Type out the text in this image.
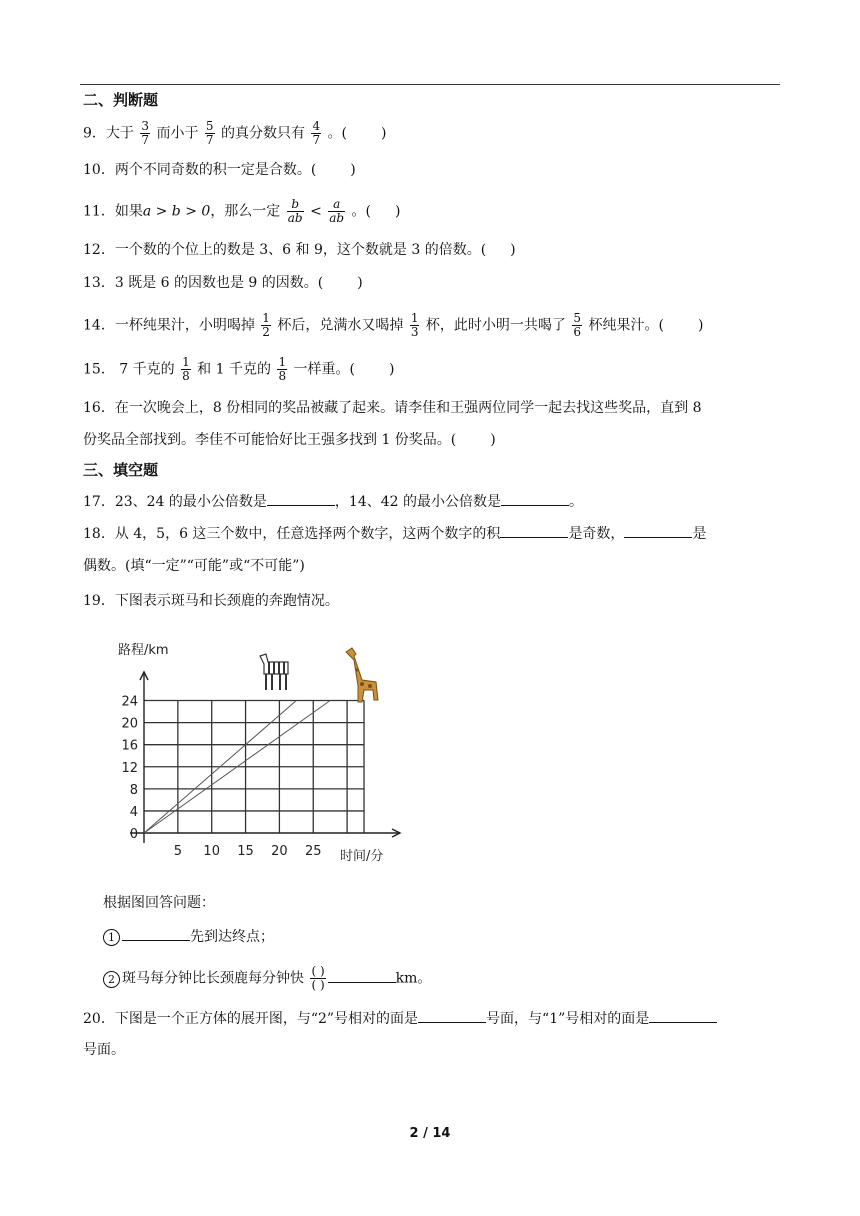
二、判断题
9．大于 $\frac{3}{7}$ 而小于 $\frac{5}{7}$ 的真分数只有 $\frac{4}{7}$ 。( )
10．两个不同奇数的积一定是合数。( )
11．如果a > b > 0，那么一定 $\frac{b}{ab} < \frac{a}{ab}$ 。( )
12．一个数的个位上的数是 3、6 和 9，这个数就是 3 的倍数。( )
13．3 既是 6 的因数也是 9 的因数。( )
14．一杯纯果汁，小明喝掉 $\frac{1}{2}$ 杯后，兑满水又喝掉 $\frac{1}{3}$ 杯，此时小明一共喝了 $\frac{5}{6}$ 杯纯果汁。( )
15． 7 千克的 $\frac{1}{8}$ 和 1 千克的 $\frac{1}{8}$ 一样重。( )
16．在一次晚会上，8 份相同的奖品被藏了起来。请李佳和王强两位同学一起去找这些奖品，直到 8
份奖品全部找到。李佳不可能恰好比王强多找到 1 份奖品。( )
三、填空题
17．23、24 的最小公倍数是	，14、42 的最小公倍数是	。
18．从 4，5，6 这三个数中，任意选择两个数字，这两个数字的积	是奇数，	是
偶数。(填“一定”“可能”或“不可能”)
19．下图表示斑马和长颈鹿的奔跑情况。
0
4
8
12
16
20
24
5 10 15 20 25
路程/km
时间/分
根据图回答问题：
1	先到达终点；
2 斑马每分钟比长颈鹿每分钟快 ( )
( )	km。
20．下图是一个正方体的展开图，与“2”号相对的面是	号面，与“1”号相对的面是
号面。
2 / 14
